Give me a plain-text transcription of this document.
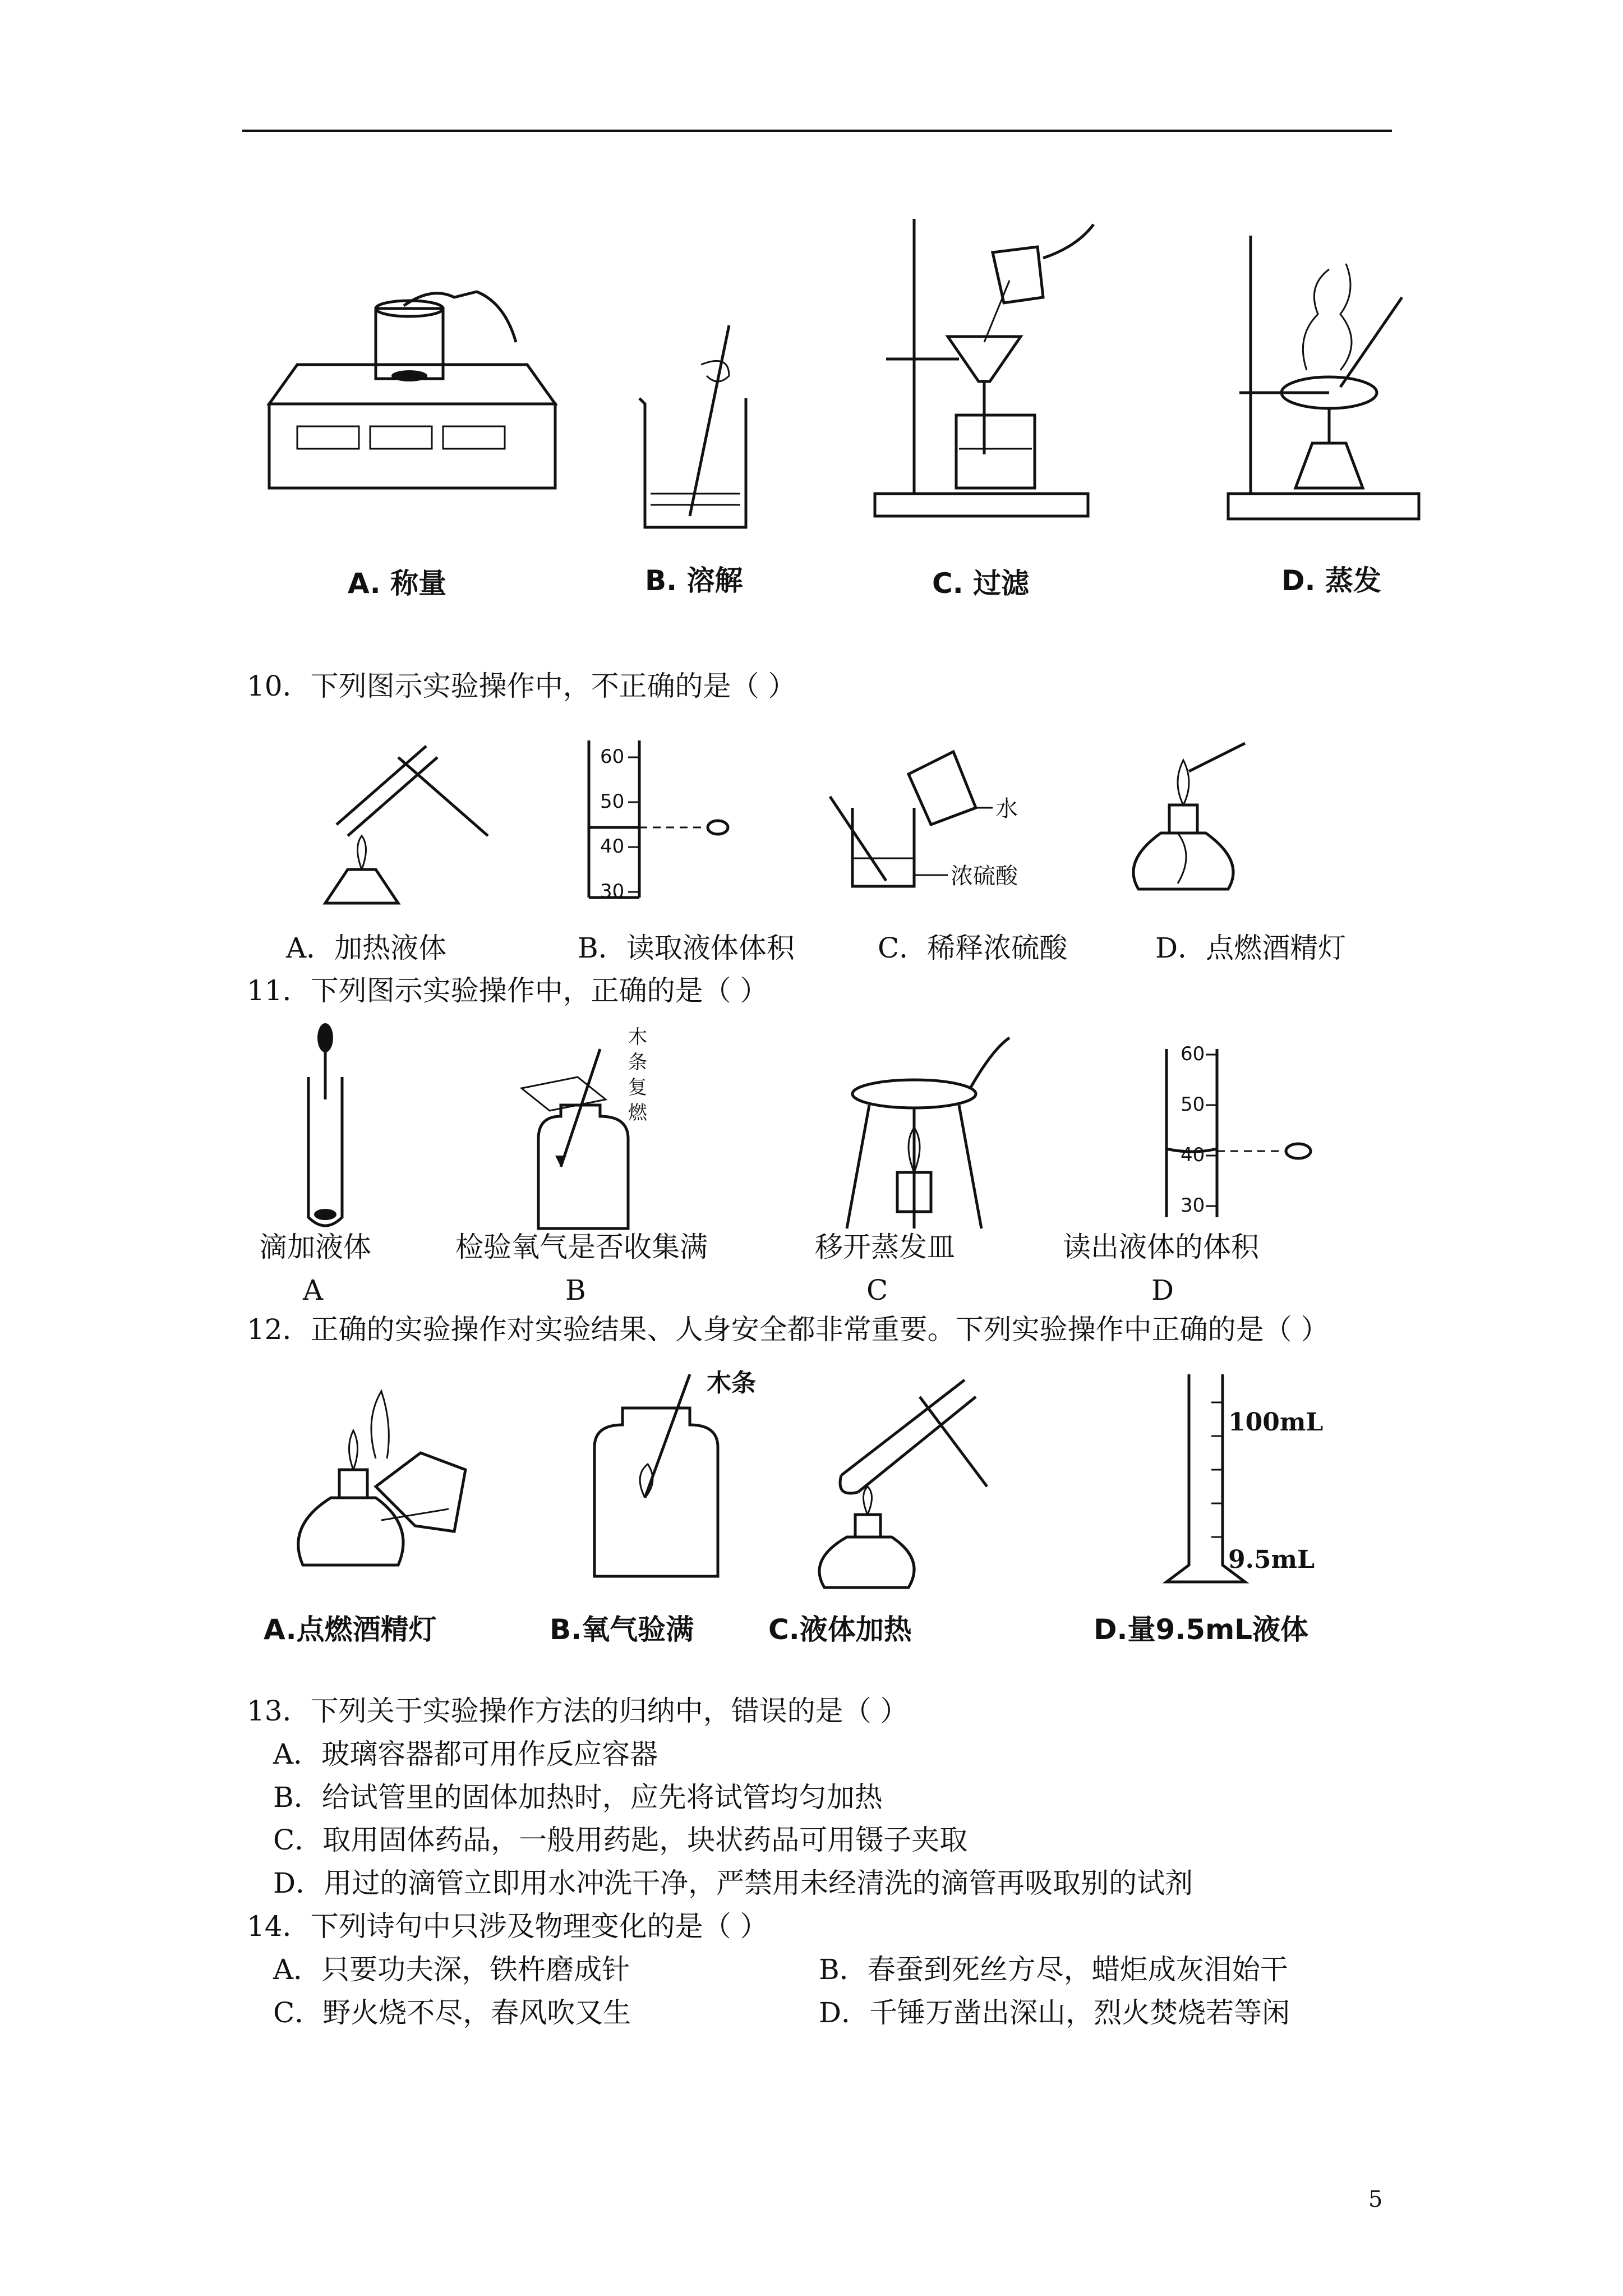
A. 称量	B. 溶解	C. 过滤	D. 蒸发
10．下列图示实验操作中，不正确的是（ ）
60
50
40
30
水
浓硫酸
A．加热液体	B．读取液体体积	C．稀释浓硫酸	D．点燃酒精灯
11．下列图示实验操作中，正确的是（ ）
木
条
复
燃
60
50
40
30
滴加液体	检验氧气是否收集满	移开蒸发皿	读出液体的体积
A	B	C	D
12．正确的实验操作对实验结果、人身安全都非常重要。下列实验操作中正确的是（ ）
木条
100mL
9.5mL
A.点燃酒精灯	B.氧气验满	C.液体加热	D.量9.5mL液体
13．下列关于实验操作方法的归纳中，错误的是（ ）
A．玻璃容器都可用作反应容器
B．给试管里的固体加热时，应先将试管均匀加热
C．取用固体药品，一般用药匙，块状药品可用镊子夹取
D．用过的滴管立即用水冲洗干净，严禁用未经清洗的滴管再吸取别的试剂
14．下列诗句中只涉及物理变化的是（ ）
A．只要功夫深，铁杵磨成针	B．春蚕到死丝方尽，蜡炬成灰泪始干
C．野火烧不尽，春风吹又生	D．千锤万凿出深山，烈火焚烧若等闲
5
